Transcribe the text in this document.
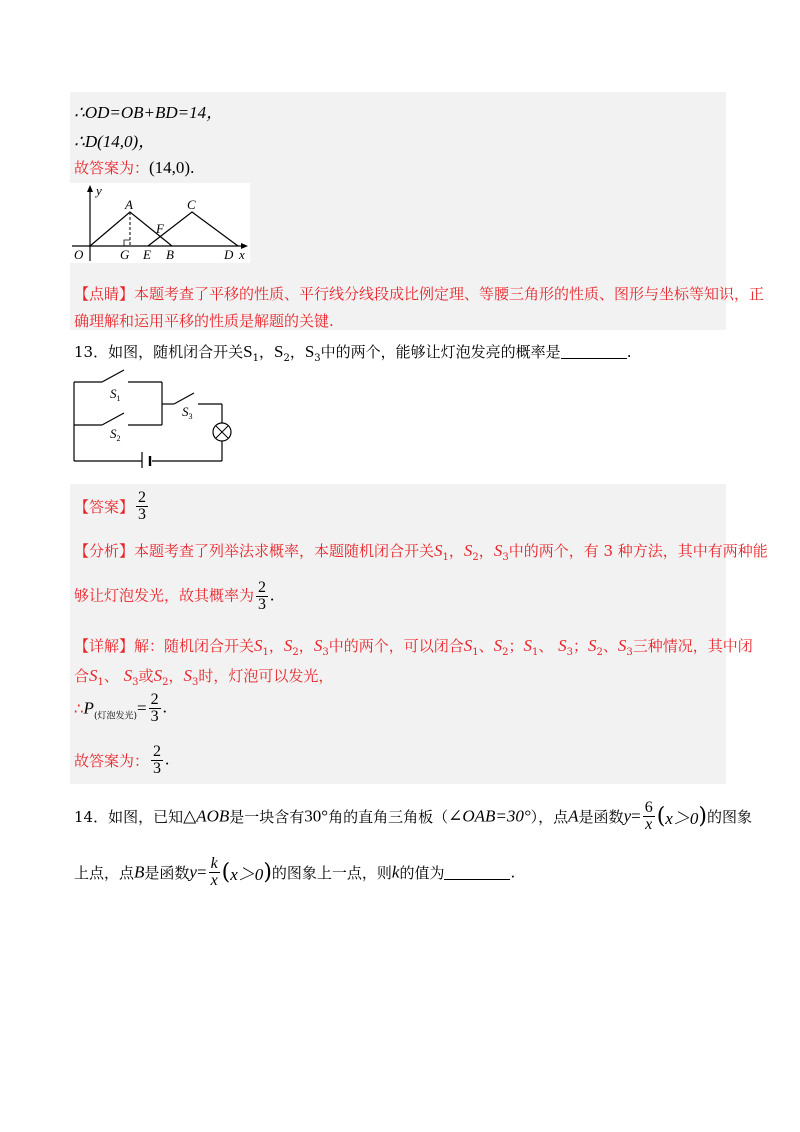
∴OD=OB+BD=14，
∴D(14,0)，
故答案为：(14,0).
y
O
A	C
F
G E B	D x
【点睛】本题考查了平移的性质、平行线分线段成比例定理、等腰三角形的性质、图形与坐标等知识，正
确理解和运用平移的性质是解题的关键.
13．如图，随机闭合开关$S_1$，$S_2$，$S_3$中的两个，能够让灯泡发亮的概率是	.
$S_1$
$S_2$
$S_3$
【答案】 $\frac{2}{3}$
【分析】本题考查了列举法求概率，本题随机闭合开关$S_1$，$S_2$，$S_3$中的两个，有 3 种方法，其中有两种能
够让灯泡发光，故其概率为 $\frac{2}{3}$ .
【详解】解：随机闭合开关$S_1$，$S_2$，$S_3$中的两个，可以闭合$S_1$、$S_2$；$S_1$、 $S_3$；$S_2$、$S_3$三种情况，其中闭
合$S_1$、 $S_3$或$S_2$，$S_3$时，灯泡可以发光，
$\therefore P_{(灯泡发光)}= \frac{2}{3}$ .
故答案为： $\frac{2}{3}$ .
14．如图，已知△AOB是一块含有30°角的直角三角板（∠OAB=30°），点A是函数$y= \frac{6}{x} (x>0)$的图象
上点，点B是函数$y= \frac{k}{x} (x>0)$的图象上一点，则k的值为	.
